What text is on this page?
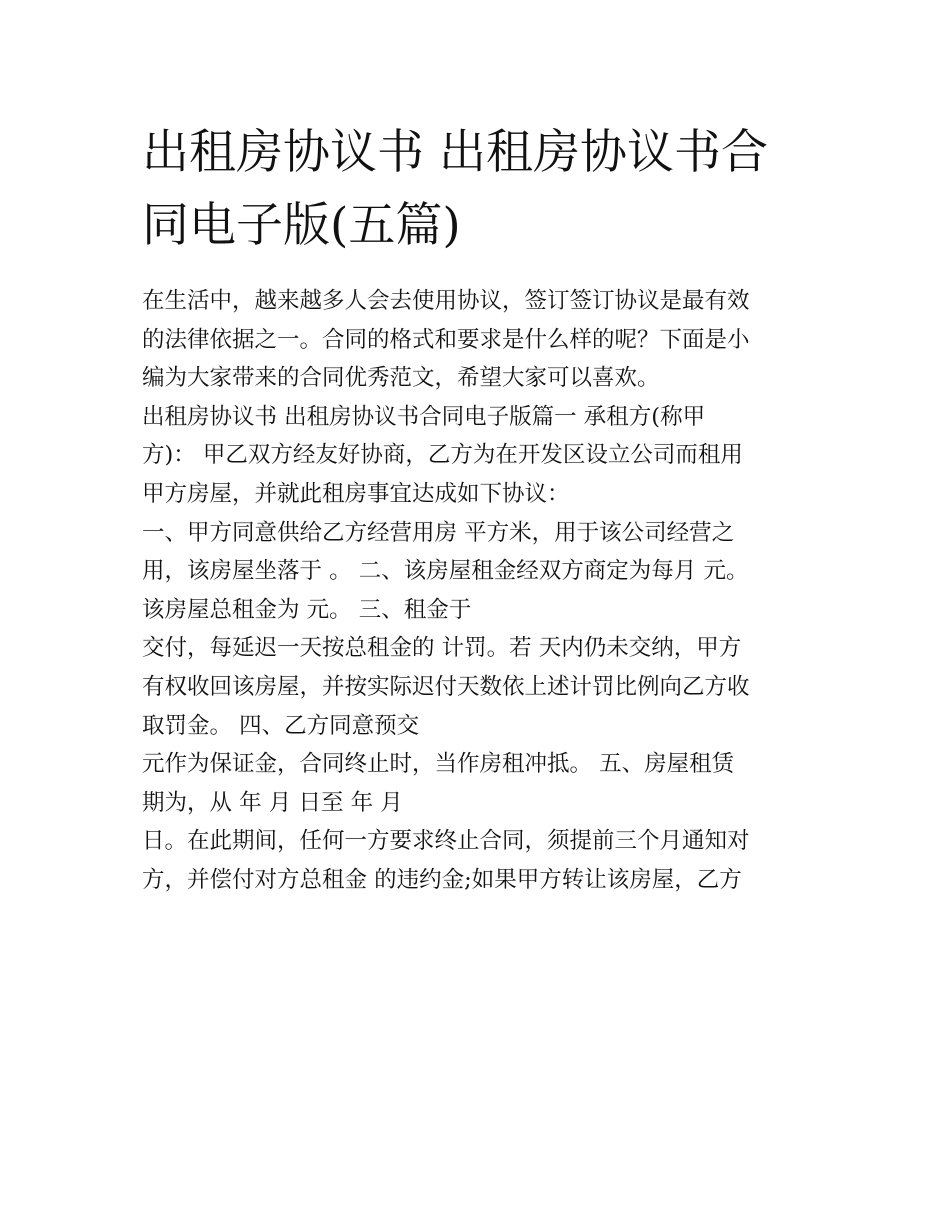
出租房协议书 出租房协议书合
同电子版(五篇)
在生活中，越来越多人会去使用协议，签订签订协议是最有效
的法律依据之一。合同的格式和要求是什么样的呢？下面是小
编为大家带来的合同优秀范文，希望大家可以喜欢。
出租房协议书 出租房协议书合同电子版篇一 承租方(称甲
方)： 甲乙双方经友好协商，乙方为在开发区设立公司而租用
甲方房屋，并就此租房事宜达成如下协议：
一、甲方同意供给乙方经营用房 平方米，用于该公司经营之
用，该房屋坐落于 。 二、该房屋租金经双方商定为每月 元。
该房屋总租金为 元。 三、租金于
交付，每延迟一天按总租金的 计罚。若 天内仍未交纳，甲方
有权收回该房屋，并按实际迟付天数依上述计罚比例向乙方收
取罚金。 四、乙方同意预交
元作为保证金，合同终止时，当作房租冲抵。 五、房屋租赁
期为，从 年 月 日至 年 月
日。在此期间，任何一方要求终止合同，须提前三个月通知对
方，并偿付对方总租金 的违约金;如果甲方转让该房屋，乙方
